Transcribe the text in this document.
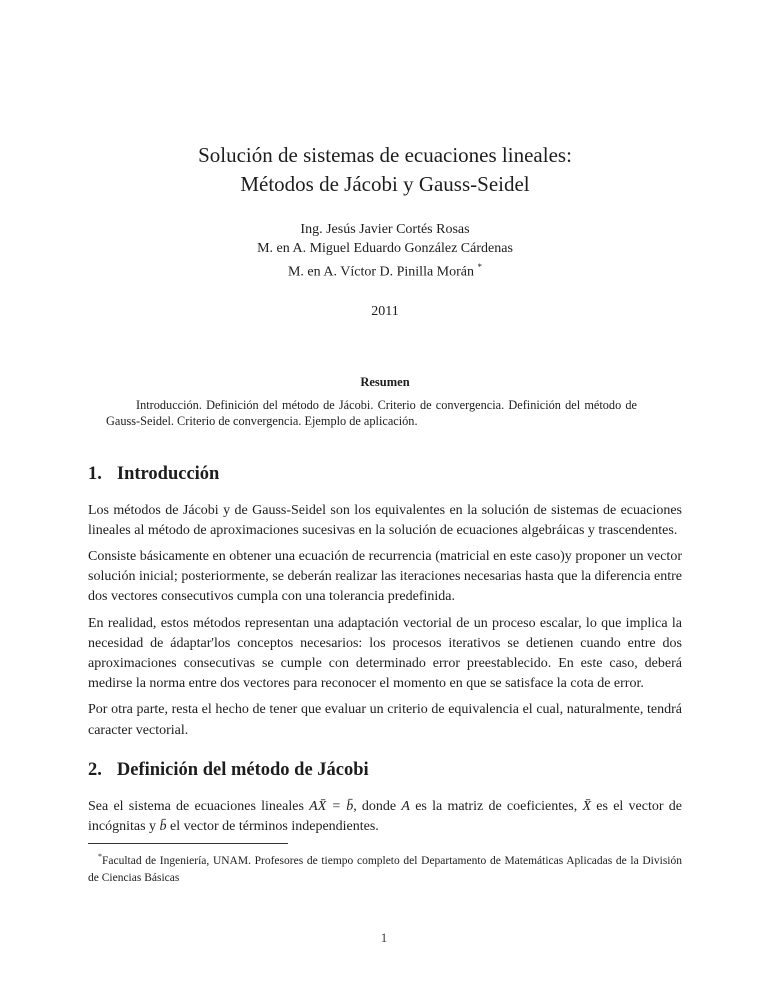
Solución de sistemas de ecuaciones lineales:
Métodos de Jácobi y Gauss-Seidel
Ing. Jesús Javier Cortés Rosas
M. en A. Miguel Eduardo González Cárdenas
M. en A. Víctor D. Pinilla Morán *
2011
Resumen

Introducción. Definición del método de Jácobi. Criterio de convergencia. Definición del método de Gauss-Seidel. Criterio de convergencia. Ejemplo de aplicación.

1. Introducción

Los métodos de Jácobi y de Gauss-Seidel son los equivalentes en la solución de sistemas de ecuaciones lineales al método de aproximaciones sucesivas en la solución de ecuaciones algebráicas y trascendentes.

Consiste básicamente en obtener una ecuación de recurrencia (matricial en este caso)y proponer un vector solución inicial; posteriormente, se deberán realizar las iteraciones necesarias hasta que la diferencia entre dos vectores consecutivos cumpla con una tolerancia predefinida.

En realidad, estos métodos representan una adaptación vectorial de un proceso escalar, lo que implica la necesidad de ádaptar'los conceptos necesarios: los procesos iterativos se detienen cuando entre dos aproximaciones consecutivas se cumple con determinado error preestablecido. En este caso, deberá medirse la norma entre dos vectores para reconocer el momento en que se satisface la cota de error.

Por otra parte, resta el hecho de tener que evaluar un criterio de equivalencia el cual, naturalmente, tendrá caracter vectorial.

2. Definición del método de Jácobi

Sea el sistema de ecuaciones lineales AX̄ = b̄, donde A es la matriz de coeficientes, X̄ es el vector de incógnitas y b̄ el vector de términos independientes.

*Facultad de Ingeniería, UNAM. Profesores de tiempo completo del Departamento de Matemáticas Aplicadas de la División de Ciencias Básicas

1
